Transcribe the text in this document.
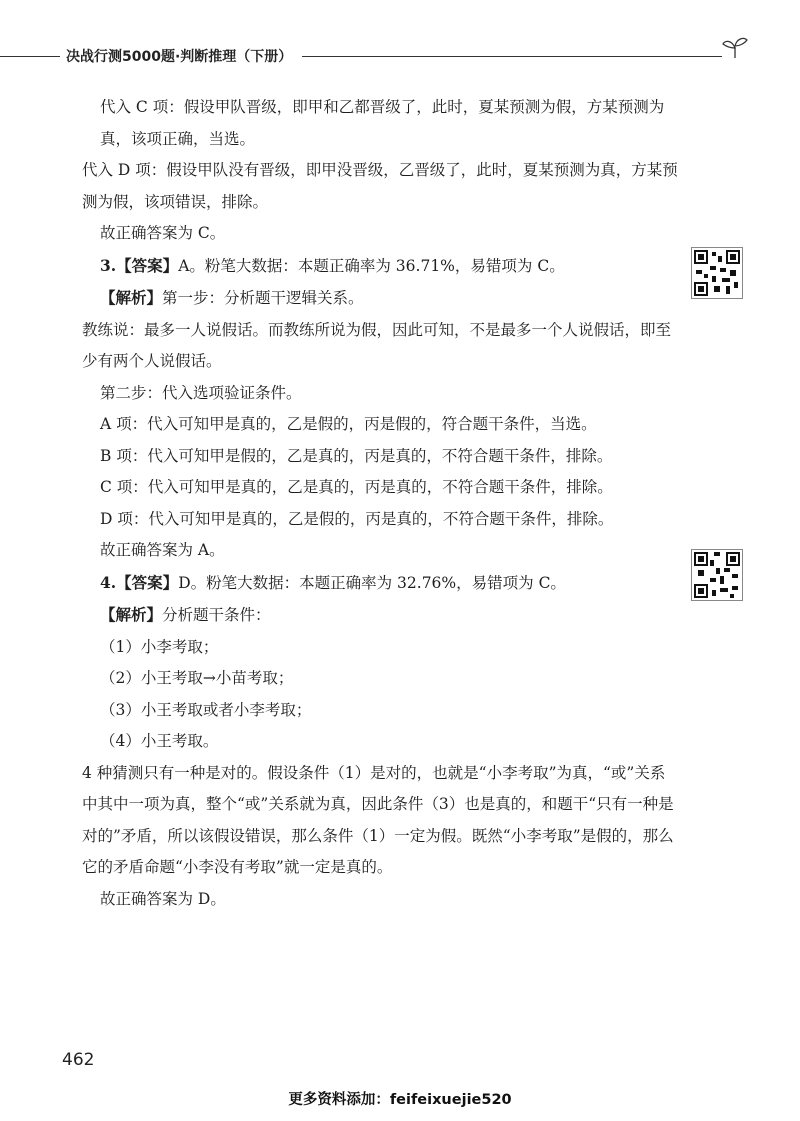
决战行测5000题·判断推理（下册）

代入 C 项：假设甲队晋级，即甲和乙都晋级了，此时，夏某预测为假，方某预测为真，该项正确，当选。

代入 D 项：假设甲队没有晋级，即甲没晋级，乙晋级了，此时，夏某预测为真，方某预测为假，该项错误，排除。

故正确答案为 C。

3.【答案】A。粉笔大数据：本题正确率为 36.71%，易错项为 C。

【解析】第一步：分析题干逻辑关系。

教练说：最多一人说假话。而教练所说为假，因此可知，不是最多一个人说假话，即至少有两个人说假话。

第二步：代入选项验证条件。

A 项：代入可知甲是真的，乙是假的，丙是假的，符合题干条件，当选。

B 项：代入可知甲是假的，乙是真的，丙是真的，不符合题干条件，排除。

C 项：代入可知甲是真的，乙是真的，丙是真的，不符合题干条件，排除。

D 项：代入可知甲是真的，乙是假的，丙是真的，不符合题干条件，排除。

故正确答案为 A。

4.【答案】D。粉笔大数据：本题正确率为 32.76%，易错项为 C。

【解析】分析题干条件：

（1）小李考取；

（2）小王考取→小苗考取；

（3）小王考取或者小李考取；

（4）小王考取。

4 种猜测只有一种是对的。假设条件（1）是对的，也就是“小李考取”为真，“或”关系中其中一项为真，整个“或”关系就为真，因此条件（3）也是真的，和题干“只有一种是对的”矛盾，所以该假设错误，那么条件（1）一定为假。既然“小李考取”是假的，那么它的矛盾命题“小李没有考取”就一定是真的。

故正确答案为 D。

462
更多资料添加：feifeixuejie520
